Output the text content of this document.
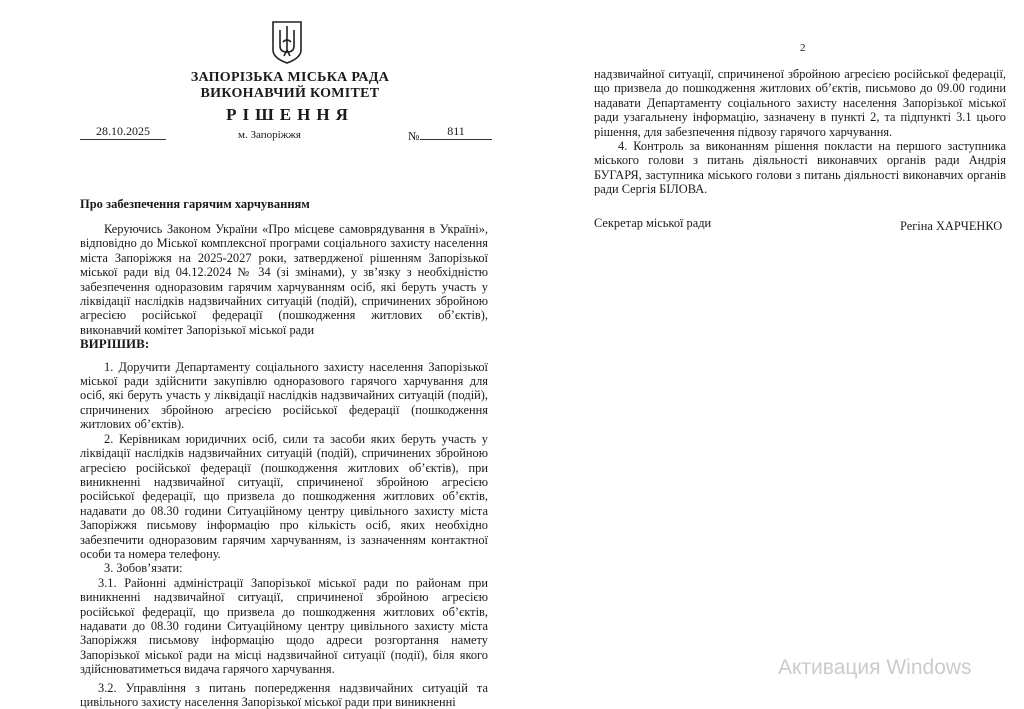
ЗАПОРІЗЬКА МІСЬКА РАДА
ВИКОНАВЧИЙ КОМІТЕТ
РІШЕННЯ
28.10.2025	м. Запоріжжя	№	811
Про забезпечення гарячим харчуванням

Керуючись Законом України «Про місцеве самоврядування в Україні», відповідно до Міської комплексної програми соціального захисту населення міста Запоріжжя на 2025-2027 роки, затвердженої рішенням Запорізької міської ради від 04.12.2024 № 34 (зі змінами), у зв’язку з необхідністю забезпечення одноразовим гарячим харчуванням осіб, які беруть участь у ліквідації наслідків надзвичайних ситуацій (подій), спричинених збройною агресією російської федерації (пошкодження житлових об’єктів), виконавчий комітет Запорізької міської ради

ВИРІШИВ:

1. Доручити Департаменту соціального захисту населення Запорізької міської ради здійснити закупівлю одноразового гарячого харчування для осіб, які беруть участь у ліквідації наслідків надзвичайних ситуацій (подій), спричинених збройною агресією російської федерації (пошкодження житлових об’єктів).

2. Керівникам юридичних осіб, сили та засоби яких беруть участь у ліквідації наслідків надзвичайних ситуацій (подій), спричинених збройною агресією російської федерації (пошкодження житлових об’єктів), при виникненні надзвичайної ситуації, спричиненої збройною агресією російської федерації, що призвела до пошкодження житлових об’єктів, надавати до 08.30 години Ситуаційному центру цивільного захисту міста Запоріжжя письмову інформацію про кількість осіб, яких необхідно забезпечити одноразовим гарячим харчуванням, із зазначенням контактної особи та номера телефону.

3. Зобов’язати:

3.1. Районні адміністрації Запорізької міської ради по районам при виникненні надзвичайної ситуації, спричиненої збройною агресією російської федерації, що призвела до пошкодження житлових об’єктів, надавати до 08.30 години Ситуаційному центру цивільного захисту міста Запоріжжя письмову інформацію щодо адреси розгортання намету Запорізької міської ради на місці надзвичайної ситуації (події), біля якого здійснюватиметься видача гарячого харчування.

3.2. Управління з питань попередження надзвичайних ситуацій та цивільного захисту населення Запорізької міської ради при виникненні

2

надзвичайної ситуації, спричиненої збройною агресією російської федерації, що призвела до пошкодження житлових об’єктів, письмово до 09.00 години надавати Департаменту соціального захисту населення Запорізької міської ради узагальнену інформацію, зазначену в пункті 2, та підпункті 3.1 цього рішення, для забезпечення підвозу гарячого харчування.

4. Контроль за виконанням рішення покласти на першого заступника міського голови з питань діяльності виконавчих органів ради Андрія БУГАРЯ, заступника міського голови з питань діяльності виконавчих органів ради Сергія БІЛОВА.

Секретар міської ради	Регіна ХАРЧЕНКО
Активация Windows
